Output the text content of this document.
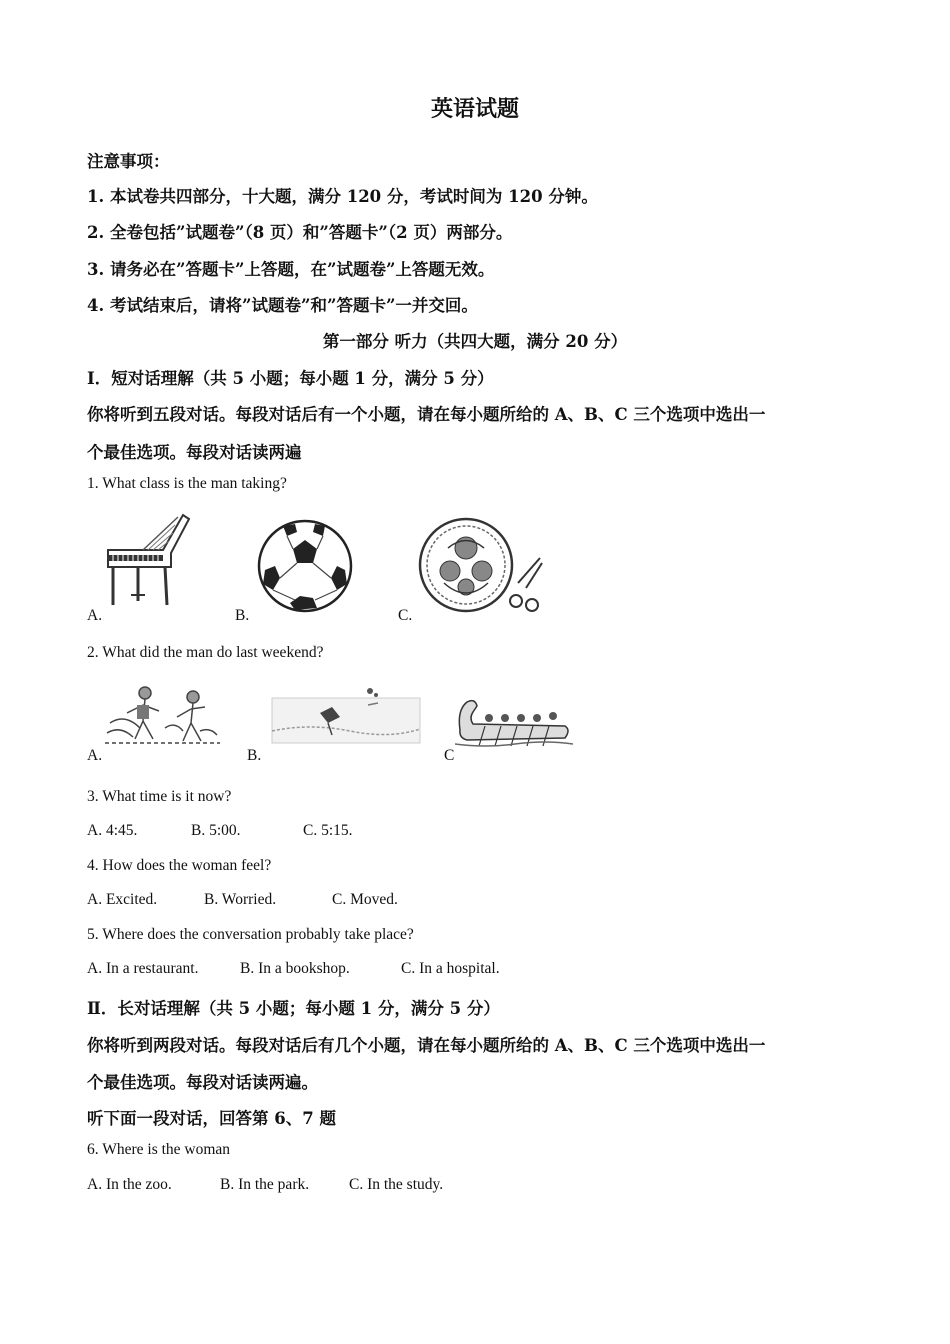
英语试题
注意事项：
1. 本试卷共四部分，十大题，满分 120 分，考试时间为 120 分钟。
2. 全卷包括”试题卷”（8 页）和”答题卡”（2 页）两部分。
3. 请务必在”答题卡”上答题，在”试题卷”上答题无效。
4. 考试结束后，请将”试题卷”和”答题卡”一并交回。
第一部分 听力（共四大题，满分 20 分）
Ⅰ．短对话理解（共 5 小题；每小题 1 分，满分 5 分）
你将听到五段对话。每段对话后有一个小题，请在每小题所给的 A、B、C 三个选项中选出一
个最佳选项。每段对话读两遍
1. What class is the man taking?
A.	B.	C.
2. What did the man do last weekend?
A.	B.	C
3. What time is it now?
A. 4:45.	B. 5:00.	C. 5:15.
4. How does the woman feel?
A. Excited.	B. Worried.	C. Moved.
5. Where does the conversation probably take place?
A. In a restaurant.	B. In a bookshop.	C. In a hospital.
Ⅱ．长对话理解（共 5 小题；每小题 1 分，满分 5 分）
你将听到两段对话。每段对话后有几个小题，请在每小题所给的 A、B、C 三个选项中选出一
个最佳选项。每段对话读两遍。
听下面一段对话，回答第 6、7 题
6. Where is the woman
A. In the zoo.	B. In the park.	C. In the study.
